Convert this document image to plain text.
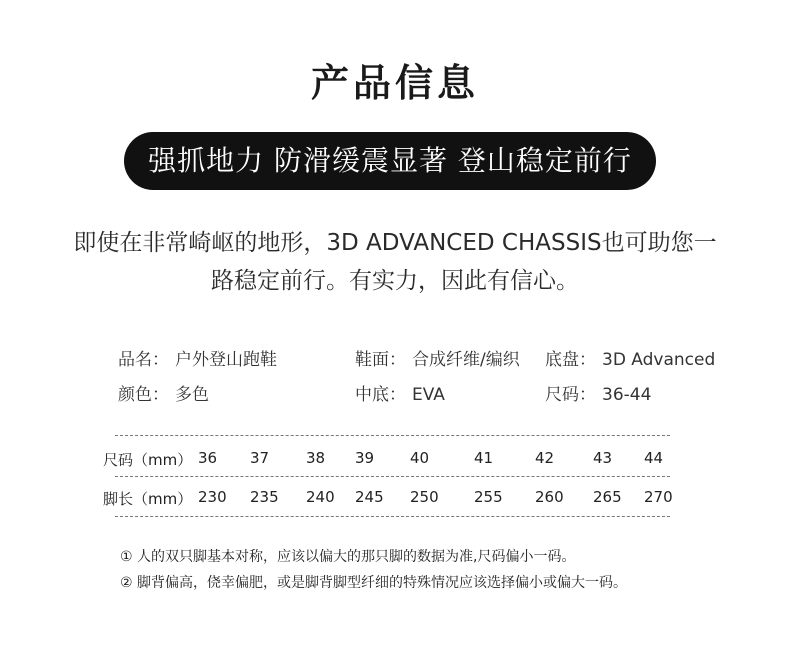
产品信息
强抓地力 防滑缓震显著 登山稳定前行
即使在非常崎岖的地形，3D ADVANCED CHASSIS也可助您一
路稳定前行。有实力，因此有信心。
品名： 户外登山跑鞋	鞋面： 合成纤维/编织 底盘： 3D Advanced
颜色： 多色	中底： EVA	尺码： 36-44
尺码（mm） 36 37 38 39 40	41	42	43 44
脚长（mm） 230 235 240 245 250 255 260 265 270
① 人的双只脚基本对称，应该以偏大的那只脚的数据为准,尺码偏小一码。
② 脚背偏高，侥幸偏肥，或是脚背脚型纤细的特殊情况应该选择偏小或偏大一码。
